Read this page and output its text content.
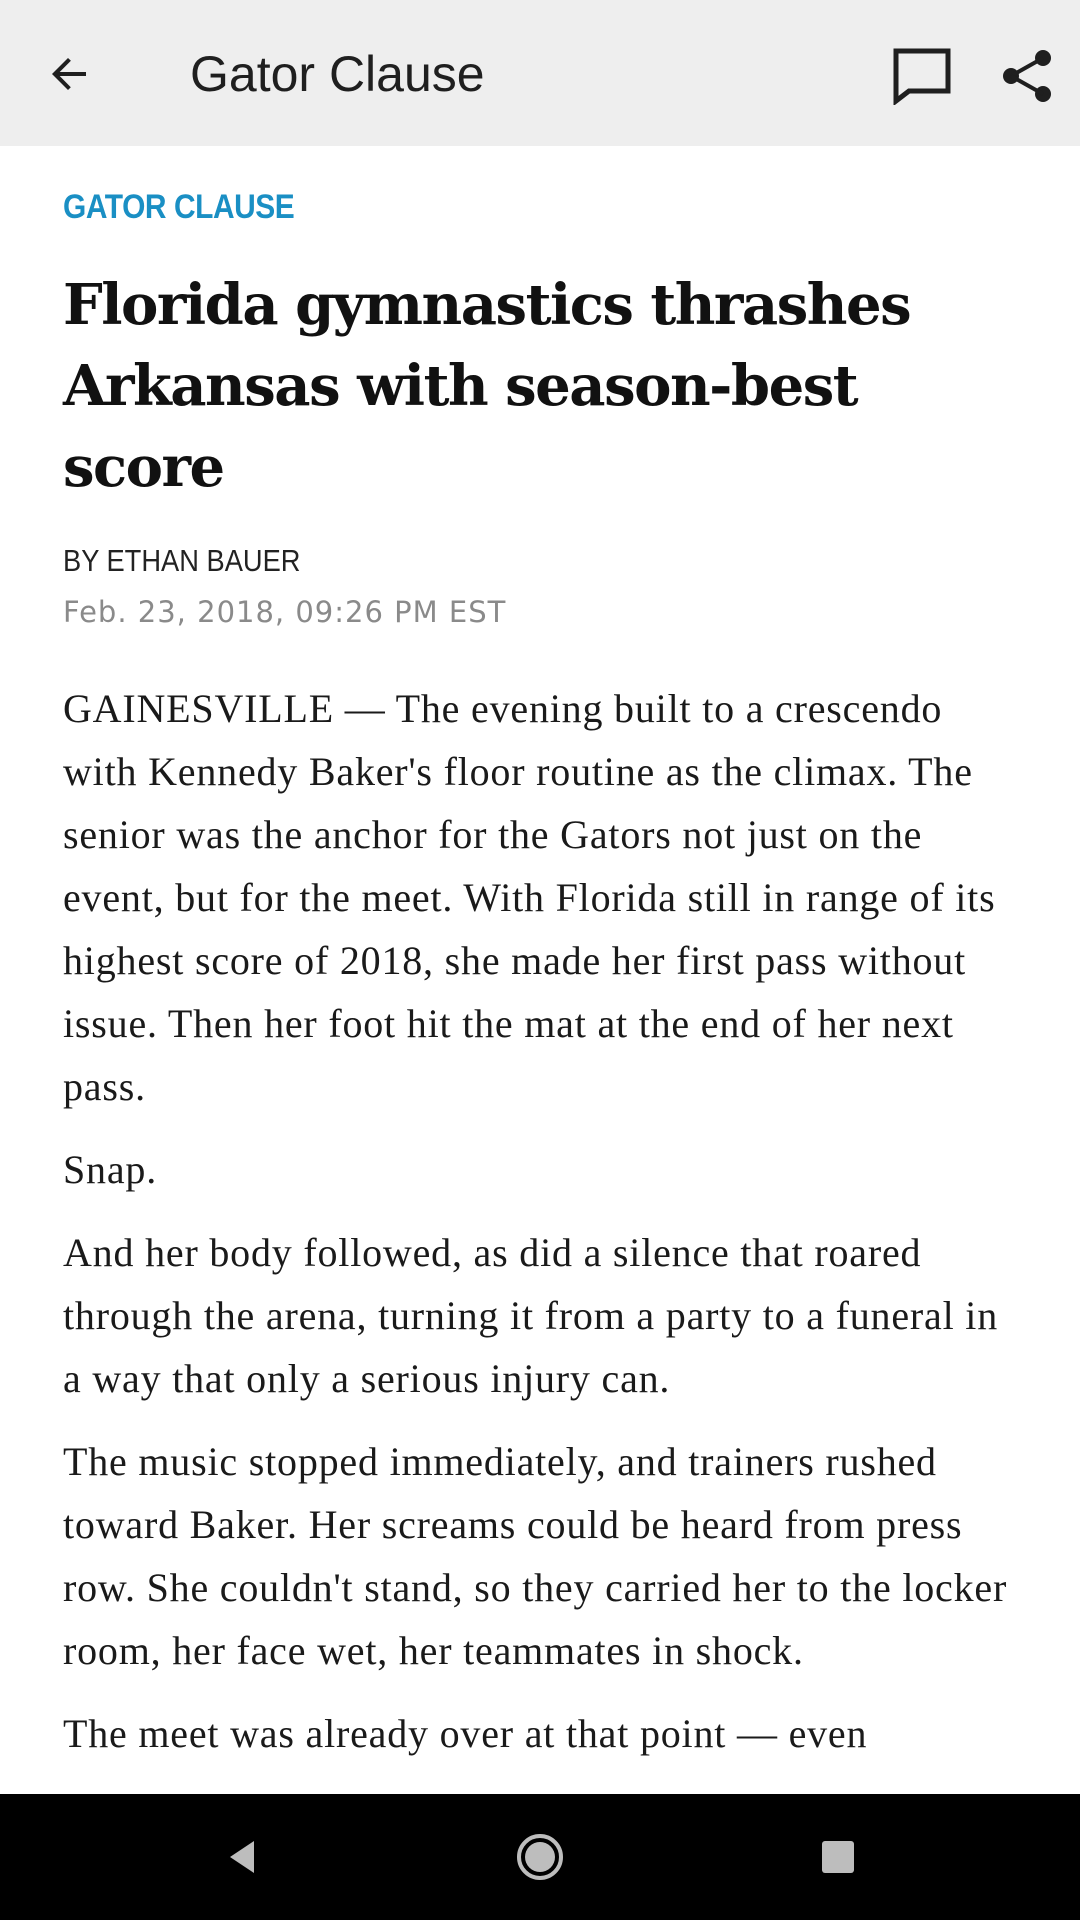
Gator Clause
GATOR CLAUSE
Florida gymnastics thrashes Arkansas with season-best score
BY ETHAN BAUER
Feb. 23, 2018, 09:26 PM EST

GAINESVILLE — The evening built to a crescendo with Kennedy Baker's floor routine as the climax. The senior was the anchor for the Gators not just on the event, but for the meet. With Florida still in range of its highest score of 2018, she made her first pass without issue. Then her foot hit the mat at the end of her next pass.

Snap.

And her body followed, as did a silence that roared through the arena, turning it from a party to a funeral in a way that only a serious injury can.

The music stopped immediately, and trainers rushed toward Baker. Her screams could be heard from press row. She couldn't stand, so they carried her to the locker room, her face wet, her teammates in shock.

The meet was already over at that point — even
